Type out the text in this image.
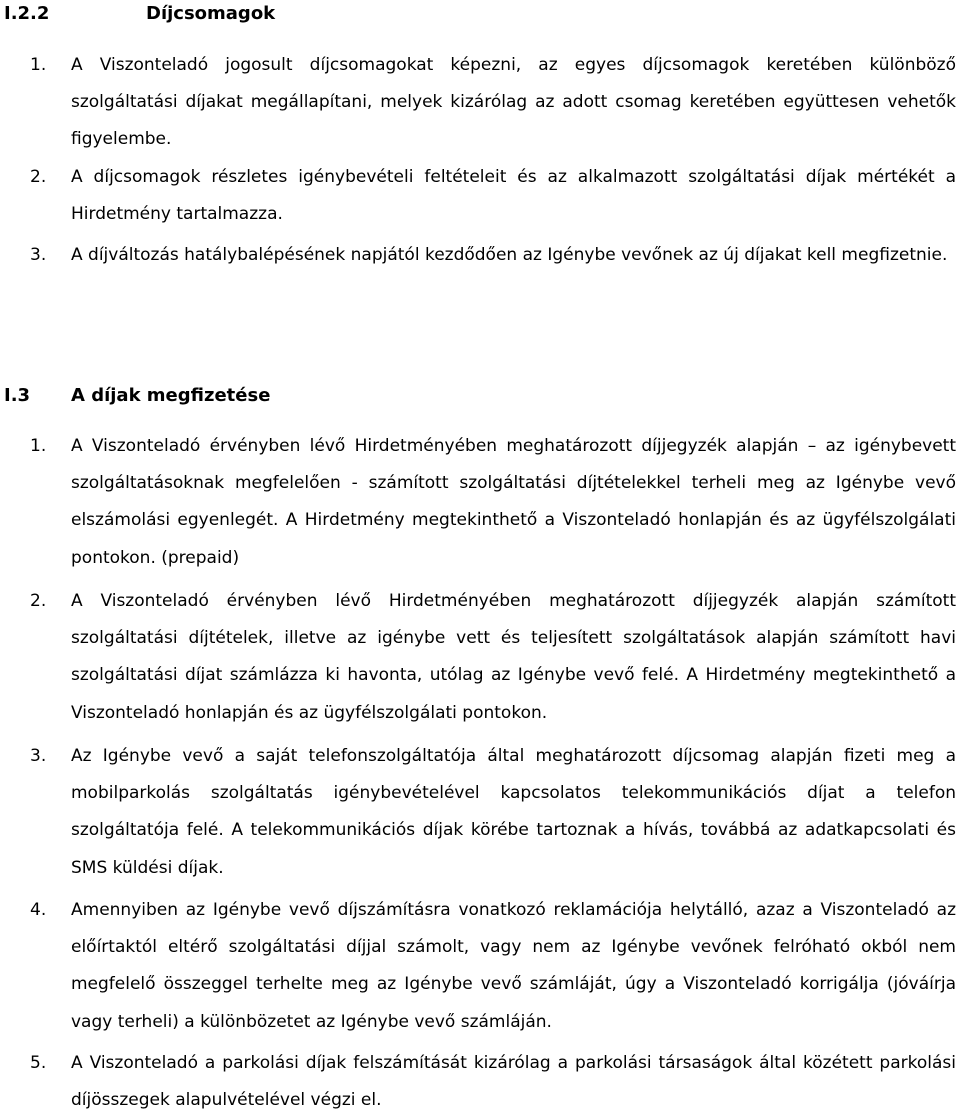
I.2.2	Díjcsomagok
1. A Viszonteladó jogosult díjcsomagokat képezni, az egyes díjcsomagok keretében különböző szolgáltatási díjakat megállapítani, melyek kizárólag az adott csomag keretében együttesen vehetők figyelembe.
2. A díjcsomagok részletes igénybevételi feltételeit és az alkalmazott szolgáltatási díjak mértékét a Hirdetmény tartalmazza.
3. A díjváltozás hatálybalépésének napjától kezdődően az Igénybe vevőnek az új díjakat kell megfizetnie.
I.3 A díjak megfizetése
1. A Viszonteladó érvényben lévő Hirdetményében meghatározott díjjegyzék alapján – az igénybevett szolgáltatásoknak megfelelően - számított szolgáltatási díjtételekkel terheli meg az Igénybe vevő elszámolási egyenlegét. A Hirdetmény megtekinthető a Viszonteladó honlapján és az ügyfélszolgálati pontokon. (prepaid)
2. A Viszonteladó érvényben lévő Hirdetményében meghatározott díjjegyzék alapján számított szolgáltatási díjtételek, illetve az igénybe vett és teljesített szolgáltatások alapján számított havi szolgáltatási díjat számlázza ki havonta, utólag az Igénybe vevő felé. A Hirdetmény megtekinthető a Viszonteladó honlapján és az ügyfélszolgálati pontokon.
3. Az Igénybe vevő a saját telefonszolgáltatója által meghatározott díjcsomag alapján fizeti meg a mobilparkolás szolgáltatás igénybevételével kapcsolatos telekommunikációs díjat a telefon szolgáltatója felé. A telekommunikációs díjak körébe tartoznak a hívás, továbbá az adatkapcsolati és SMS küldési díjak.
4. Amennyiben az Igénybe vevő díjszámításra vonatkozó reklamációja helytálló, azaz a Viszonteladó az előírtaktól eltérő szolgáltatási díjjal számolt, vagy nem az Igénybe vevőnek felróható okból nem megfelelő összeggel terhelte meg az Igénybe vevő számláját, úgy a Viszonteladó korrigálja (jóváírja vagy terheli) a különbözetet az Igénybe vevő számláján.
5. A Viszonteladó a parkolási díjak felszámítását kizárólag a parkolási társaságok által közétett parkolási díjösszegek alapulvételével végzi el.
